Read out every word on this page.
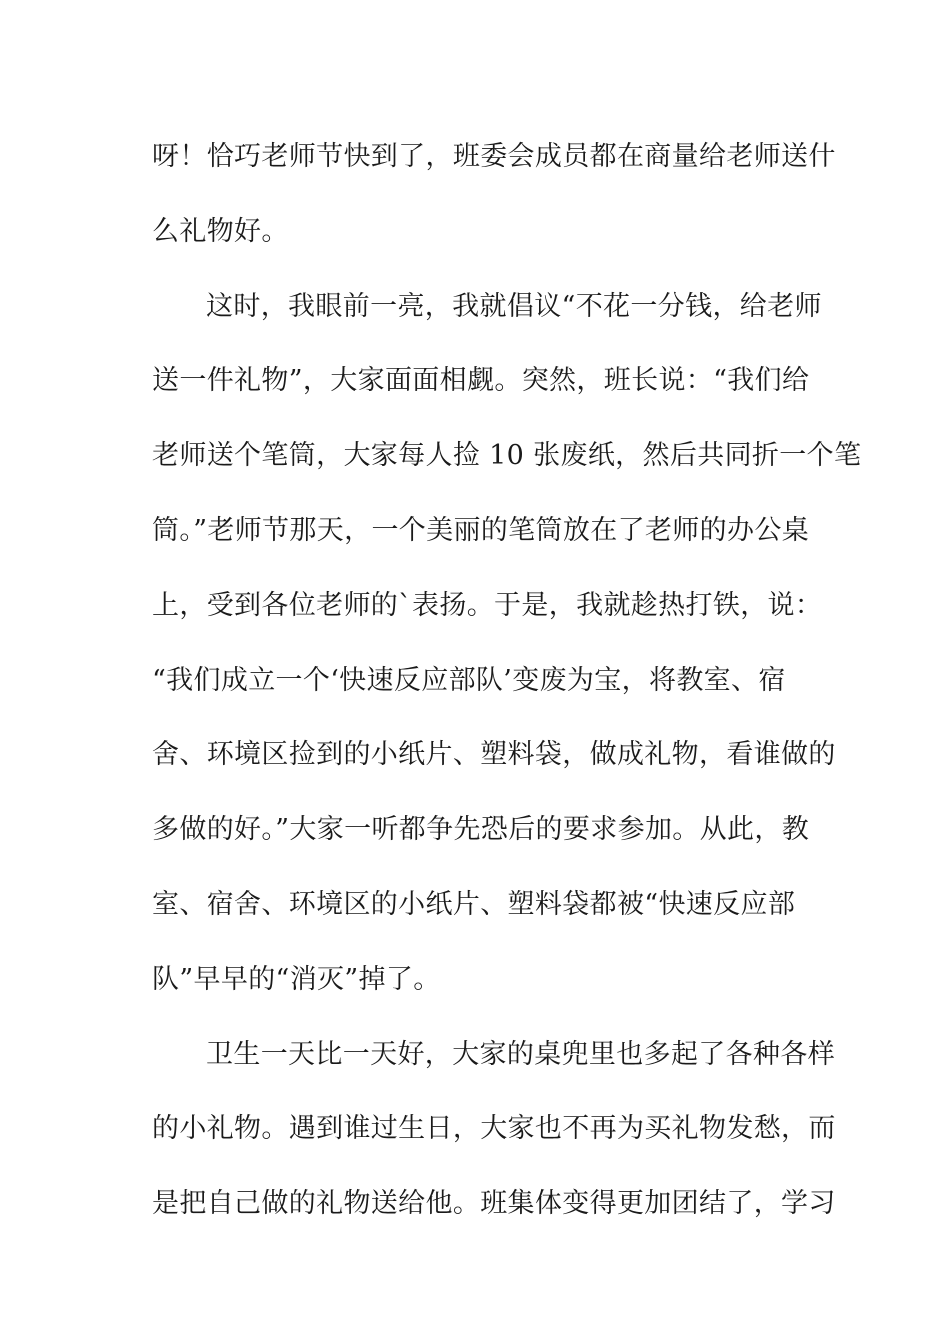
呀！恰巧老师节快到了，班委会成员都在商量给老师送什
么礼物好。
这时，我眼前一亮，我就倡议“不花一分钱，给老师
送一件礼物”，大家面面相觑。突然，班长说：“我们给
老师送个笔筒，大家每人捡 10 张废纸，然后共同折一个笔
筒。”老师节那天，一个美丽的笔筒放在了老师的办公桌
上，受到各位老师的`表扬。于是，我就趁热打铁，说：
“我们成立一个‘快速反应部队’变废为宝，将教室、宿
舍、环境区捡到的小纸片、塑料袋，做成礼物，看谁做的
多做的好。”大家一听都争先恐后的要求参加。从此，教
室、宿舍、环境区的小纸片、塑料袋都被“快速反应部
队”早早的“消灭”掉了。
卫生一天比一天好，大家的桌兜里也多起了各种各样
的小礼物。遇到谁过生日，大家也不再为买礼物发愁，而
是把自己做的礼物送给他。班集体变得更加团结了，学习
